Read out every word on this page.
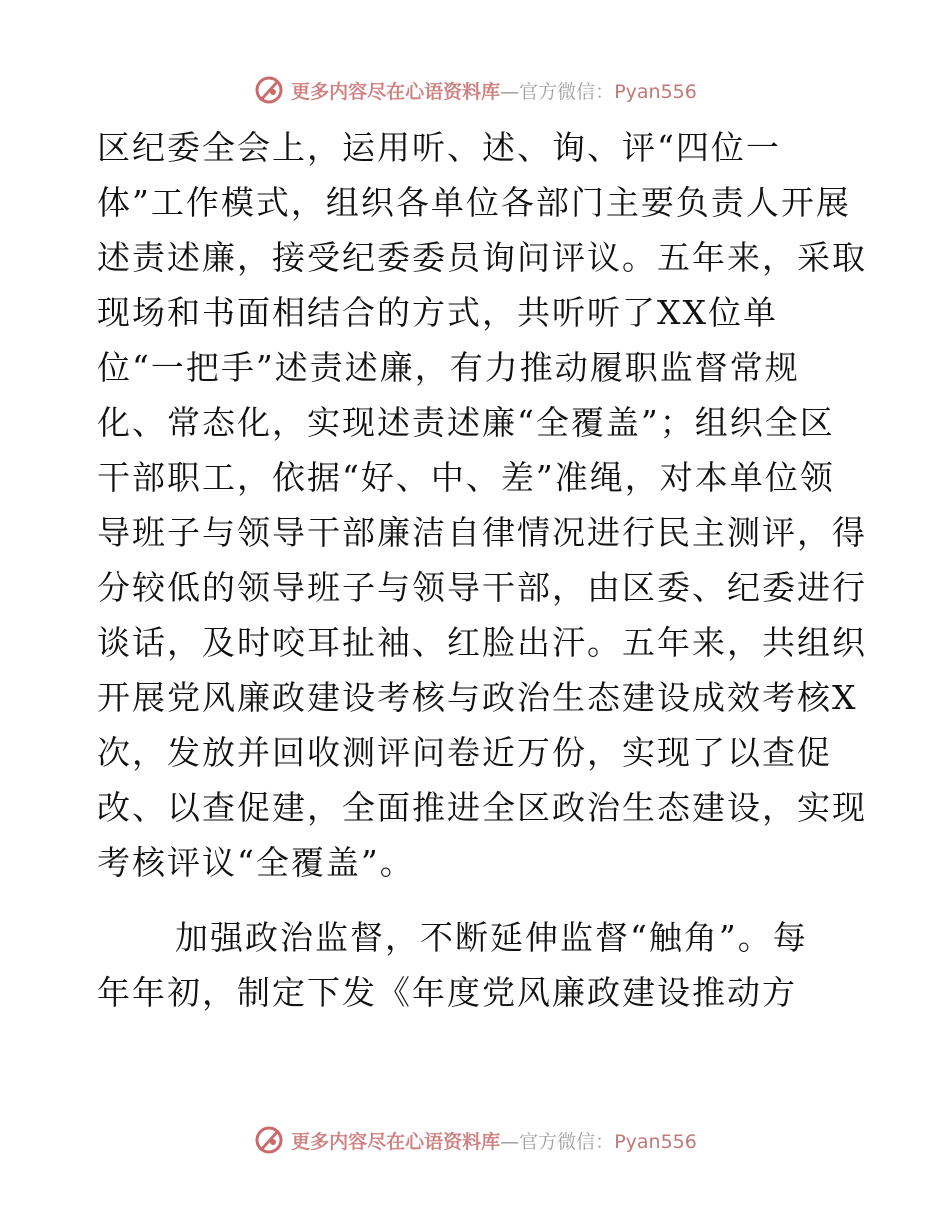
更多内容尽在心语资料库—官方微信：Pyan556
区纪委全会上，运用听、述、询、评“四位一
体”工作模式，组织各单位各部门主要负责人开展
述责述廉，接受纪委委员询问评议。五年来，采取
现场和书面相结合的方式，共听听了XX位单
位“一把手”述责述廉，有力推动履职监督常规
化、常态化，实现述责述廉“全覆盖”；组织全区
干部职工，依据“好、中、差”准绳，对本单位领
导班子与领导干部廉洁自律情况进行民主测评，得
分较低的领导班子与领导干部，由区委、纪委进行
谈话，及时咬耳扯袖、红脸出汗。五年来，共组织
开展党风廉政建设考核与政治生态建设成效考核X
次，发放并回收测评问卷近万份，实现了以查促
改、以查促建，全面推进全区政治生态建设，实现
考核评议“全覆盖”。
加强政治监督，不断延伸监督“触角”。每
年年初，制定下发《年度党风廉政建设推动方
更多内容尽在心语资料库—官方微信：Pyan556
